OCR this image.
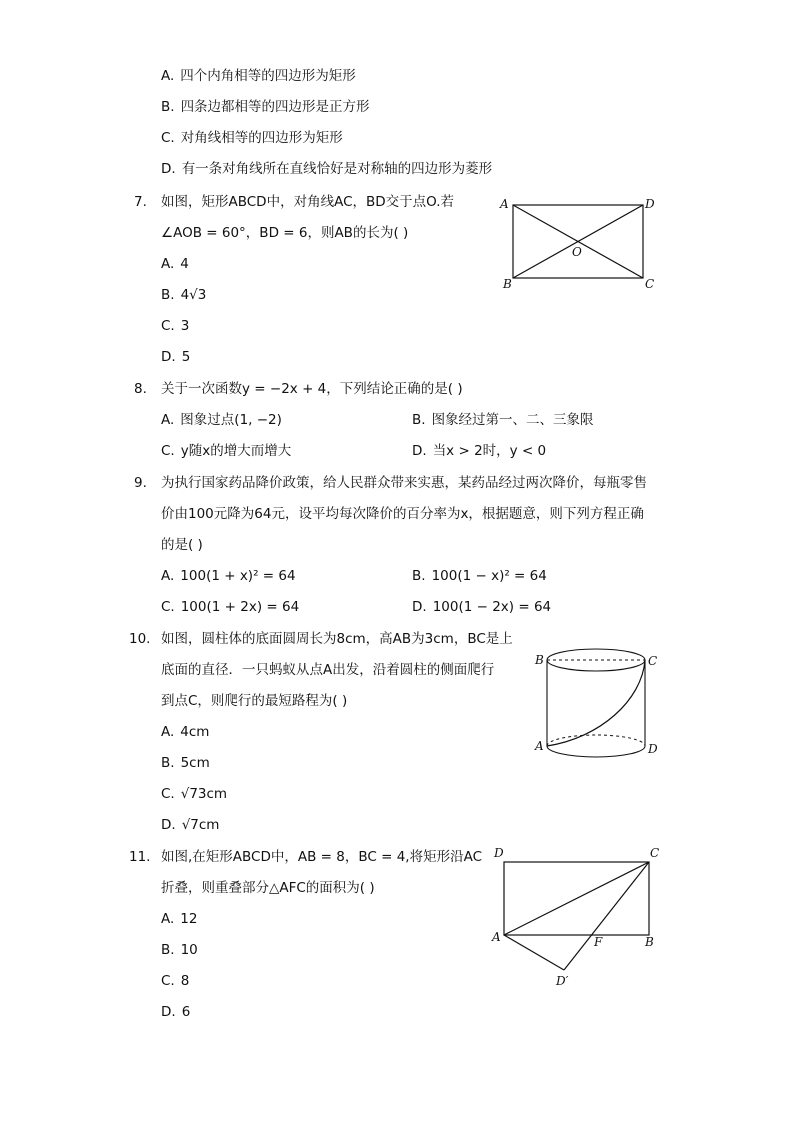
A. 四个内角相等的四边形为矩形
B. 四条边都相等的四边形是正方形
C. 对角线相等的四边形为矩形
D. 有一条对角线所在直线恰好是对称轴的四边形为菱形
7. 如图，矩形ABCD中，对角线AC，BD交于点O.若
∠AOB = 60°，BD = 6，则AB的长为( )
A. 4
B. 4√3
C. 3
D. 5
A	D
B	C
O
8. 关于一次函数y = −2x + 4，下列结论正确的是( )
A. 图象过点(1, −2)	B. 图象经过第一、二、三象限
C. y随x的增大而增大	D. 当x > 2时，y < 0
9. 为执行国家药品降价政策，给人民群众带来实惠，某药品经过两次降价，每瓶零售
价由100元降为64元，设平均每次降价的百分率为x，根据题意，则下列方程正确
的是( )
A. 100(1 + x)² = 64	B. 100(1 − x)² = 64
C. 100(1 + 2x) = 64	D. 100(1 − 2x) = 64
10. 如图，圆柱体的底面圆周长为8cm，高AB为3cm，BC是上
底面的直径．一只蚂蚁从点A出发，沿着圆柱的侧面爬行
到点C，则爬行的最短路程为( )
A. 4cm
B. 5cm
C. √73cm
D. √7cm
B	C
A	D
11. 如图,在矩形ABCD中，AB = 8，BC = 4,将矩形沿AC
折叠，则重叠部分△AFC的面积为( )
A. 12
B. 10
C. 8
D. 6
D	C
A	B
F
D′
